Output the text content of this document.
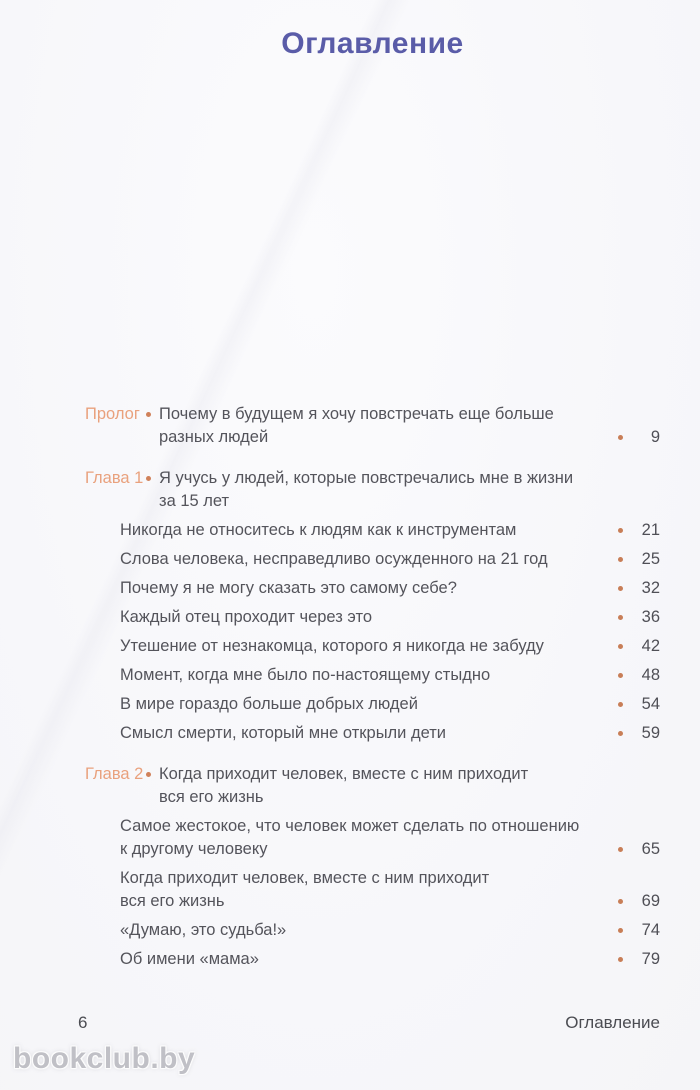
Оглавление
Пролог	Почему в будущем я хочу повстречать еще больше
разных людей	9
Глава 1 Я учусь у людей, которые повстречались мне в жизни
за 15 лет
Никогда не относитесь к людям как к инструментам	21
Слова человека, несправедливо осужденного на 21 год	25
Почему я не могу сказать это самому себе?	32
Каждый отец проходит через это	36
Утешение от незнакомца, которого я никогда не забуду	42
Момент, когда мне было по-настоящему стыдно	48
В мире гораздо больше добрых людей	54
Смысл смерти, который мне открыли дети	59
Глава 2 Когда приходит человек, вместе с ним приходит
вся его жизнь
Самое жестокое, что человек может сделать по отношению
к другому человеку	65
Когда приходит человек, вместе с ним приходит
вся его жизнь	69
«Думаю, это судьба!»	74
Об имени «мама»	79
6	Оглавление
bookclub.by
